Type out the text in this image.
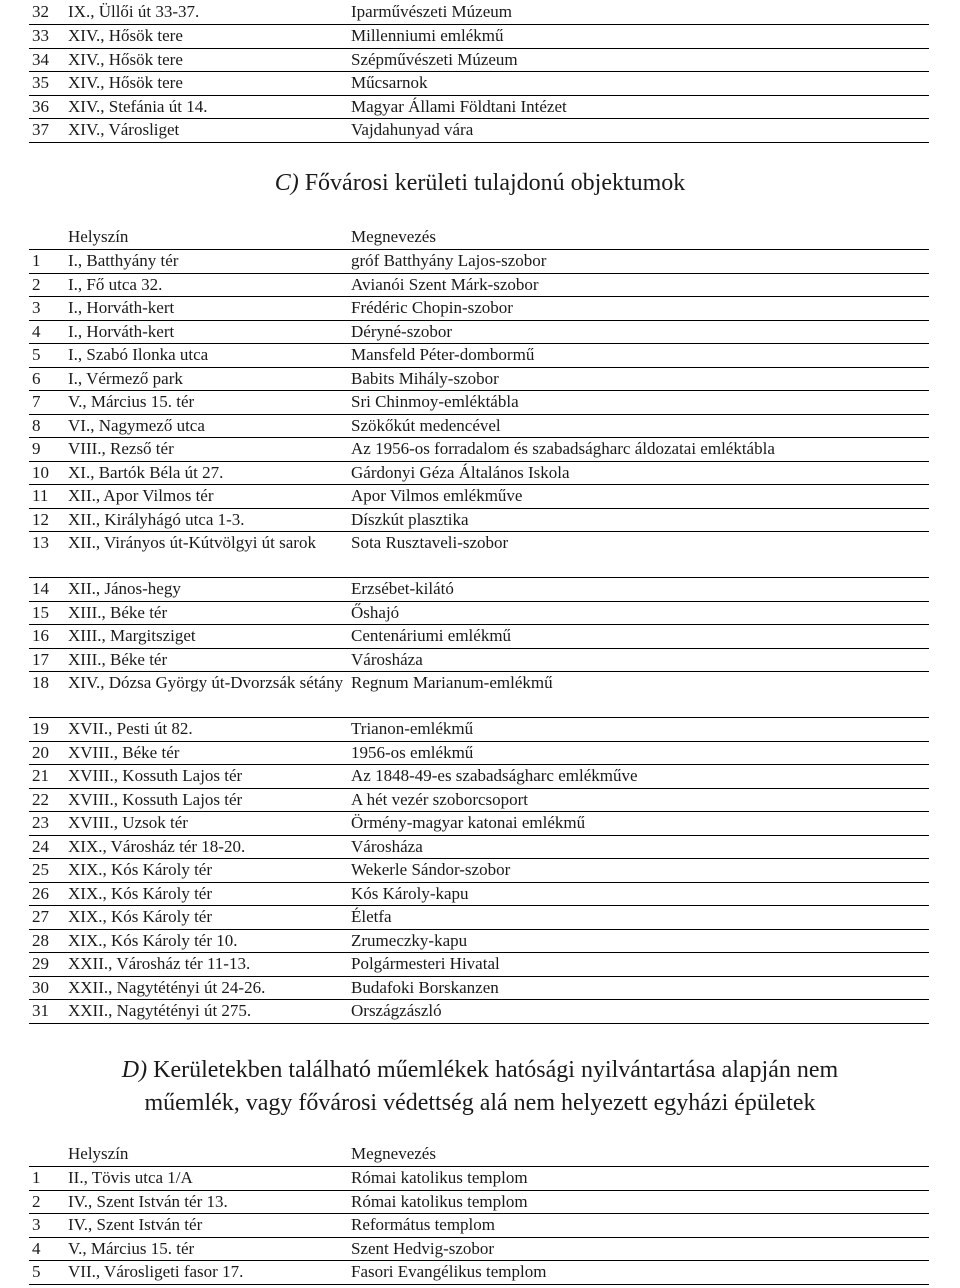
32	IX., Üllői út 33-37.	Iparművészeti Múzeum
33	XIV., Hősök tere	Millenniumi emlékmű
34	XIV., Hősök tere	Szépművészeti Múzeum
35	XIV., Hősök tere	Műcsarnok
36	XIV., Stefánia út 14.	Magyar Állami Földtani Intézet
37	XIV., Városliget	Vajdahunyad vára
C) Fővárosi kerületi tulajdonú objektumok
	Helyszín	Megnevezés
1	I., Batthyány tér	gróf Batthyány Lajos-szobor
2	I., Fő utca 32.	Avianói Szent Márk-szobor
3	I., Horváth-kert	Frédéric Chopin-szobor
4	I., Horváth-kert	Déryné-szobor
5	I., Szabó Ilonka utca	Mansfeld Péter-dombormű
6	I., Vérmező park	Babits Mihály-szobor
7	V., Március 15. tér	Sri Chinmoy-emléktábla
8	VI., Nagymező utca	Szökőkút medencével
9	VIII., Rezső tér	Az 1956-os forradalom és szabadságharc áldozatai emléktábla
10	XI., Bartók Béla út 27.	Gárdonyi Géza Általános Iskola
11	XII., Apor Vilmos tér	Apor Vilmos emlékműve
12	XII., Királyhágó utca 1-3.	Díszkút plasztika
13	XII., Virányos út-Kútvölgyi út sarok	Sota Rusztaveli-szobor
14	XII., János-hegy	Erzsébet-kilátó
15	XIII., Béke tér	Őshajó
16	XIII., Margitsziget	Centenáriumi emlékmű
17	XIII., Béke tér	Városháza
18	XIV., Dózsa György út-Dvorzsák sétány	Regnum Marianum-emlékmű
19	XVII., Pesti út 82.	Trianon-emlékmű
20	XVIII., Béke tér	1956-os emlékmű
21	XVIII., Kossuth Lajos tér	Az 1848-49-es szabadságharc emlékműve
22	XVIII., Kossuth Lajos tér	A hét vezér szoborcsoport
23	XVIII., Uzsok tér	Örmény-magyar katonai emlékmű
24	XIX., Városház tér 18-20.	Városháza
25	XIX., Kós Károly tér	Wekerle Sándor-szobor
26	XIX., Kós Károly tér	Kós Károly-kapu
27	XIX., Kós Károly tér	Életfa
28	XIX., Kós Károly tér 10.	Zrumeczky-kapu
29	XXII., Városház tér 11-13.	Polgármesteri Hivatal
30	XXII., Nagytétényi út 24-26.	Budafoki Borskanzen
31	XXII., Nagytétényi út 275.	Országzászló
D) Kerületekben található műemlékek hatósági nyilvántartása alapján nem
műemlék, vagy fővárosi védettség alá nem helyezett egyházi épületek
	Helyszín	Megnevezés
1	II., Tövis utca 1/A	Római katolikus templom
2	IV., Szent István tér 13.	Római katolikus templom
3	IV., Szent István tér	Református templom
4	V., Március 15. tér	Szent Hedvig-szobor
5	VII., Városligeti fasor 17.	Fasori Evangélikus templom
